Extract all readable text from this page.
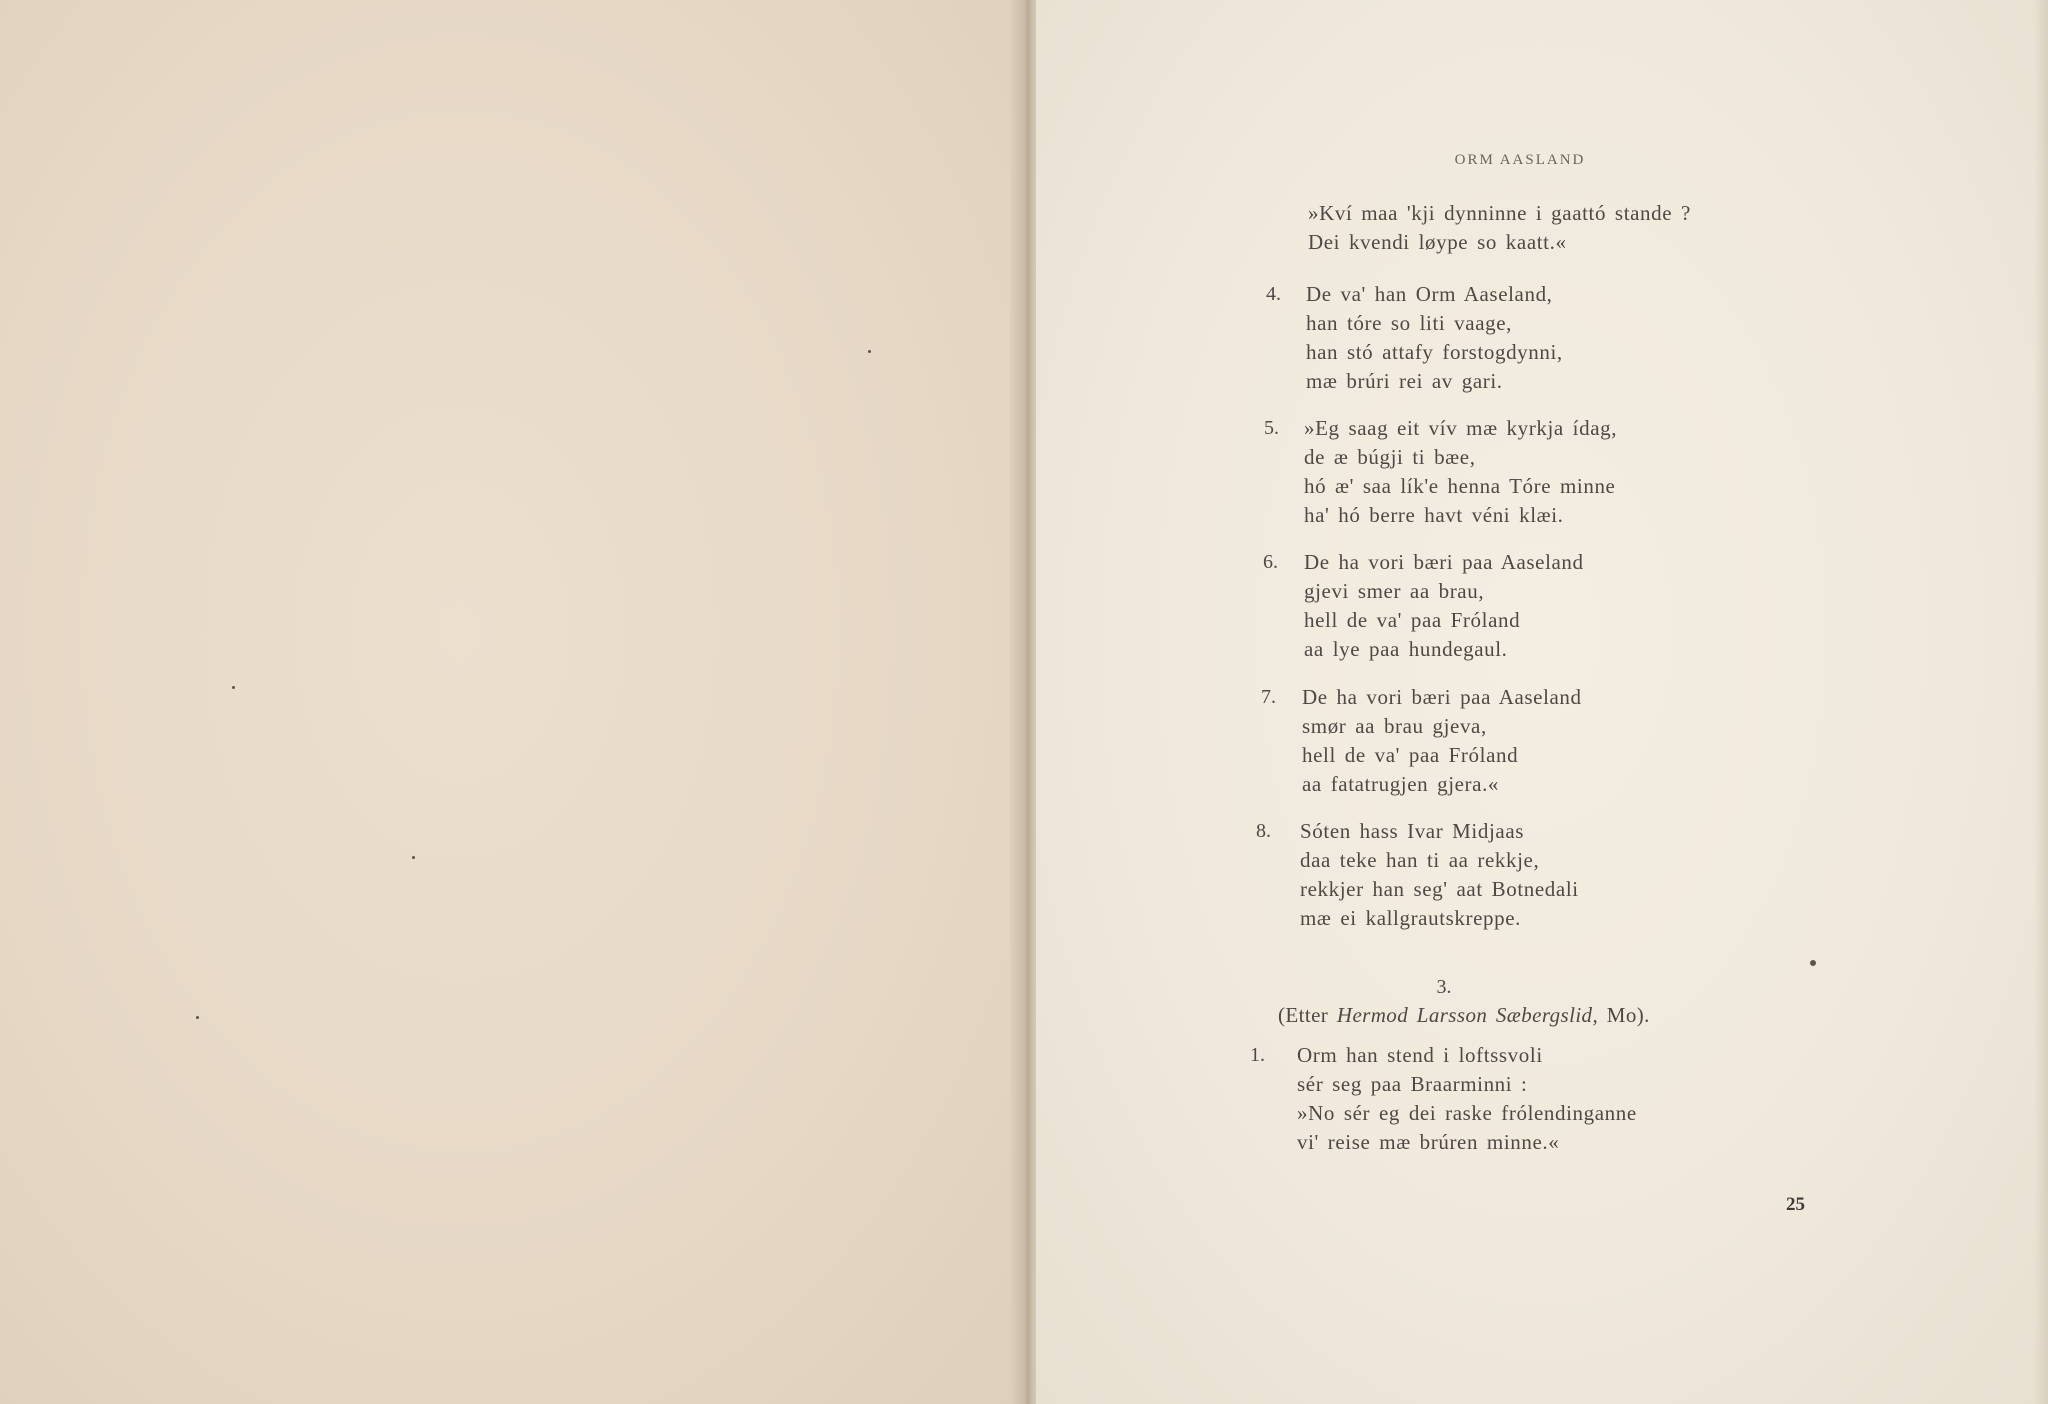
ORM AASLAND
»Kví maa 'kji dynninne i gaattó stande ?
Dei kvendi løype so kaatt.«
4. De va' han Orm Aaseland,
han tóre so liti vaage,
han stó attafy forstogdynni,
mæ brúri rei av gari.
5. »Eg saag eit vív mæ kyrkja ídag,
de æ búgji ti bæe,
hó æ' saa lík'e henna Tóre minne
ha' hó berre havt véni klæi.
6. De ha vori bæri paa Aaseland
gjevi smer aa brau,
hell de va' paa Fróland
aa lye paa hundegaul.
7. De ha vori bæri paa Aaseland
smør aa brau gjeva,
hell de va' paa Fróland
aa fatatrugjen gjera.«
8. Sóten hass Ivar Midjaas
daa teke han ti aa rekkje,
rekkjer han seg' aat Botnedali
mæ ei kallgrautskreppe.
3.
(Etter Hermod Larsson Sæbergslid, Mo).
1. Orm han stend i loftssvoli
sér seg paa Braarminni :
»No sér eg dei raske frólendinganne
vi' reise mæ brúren minne.«
25
